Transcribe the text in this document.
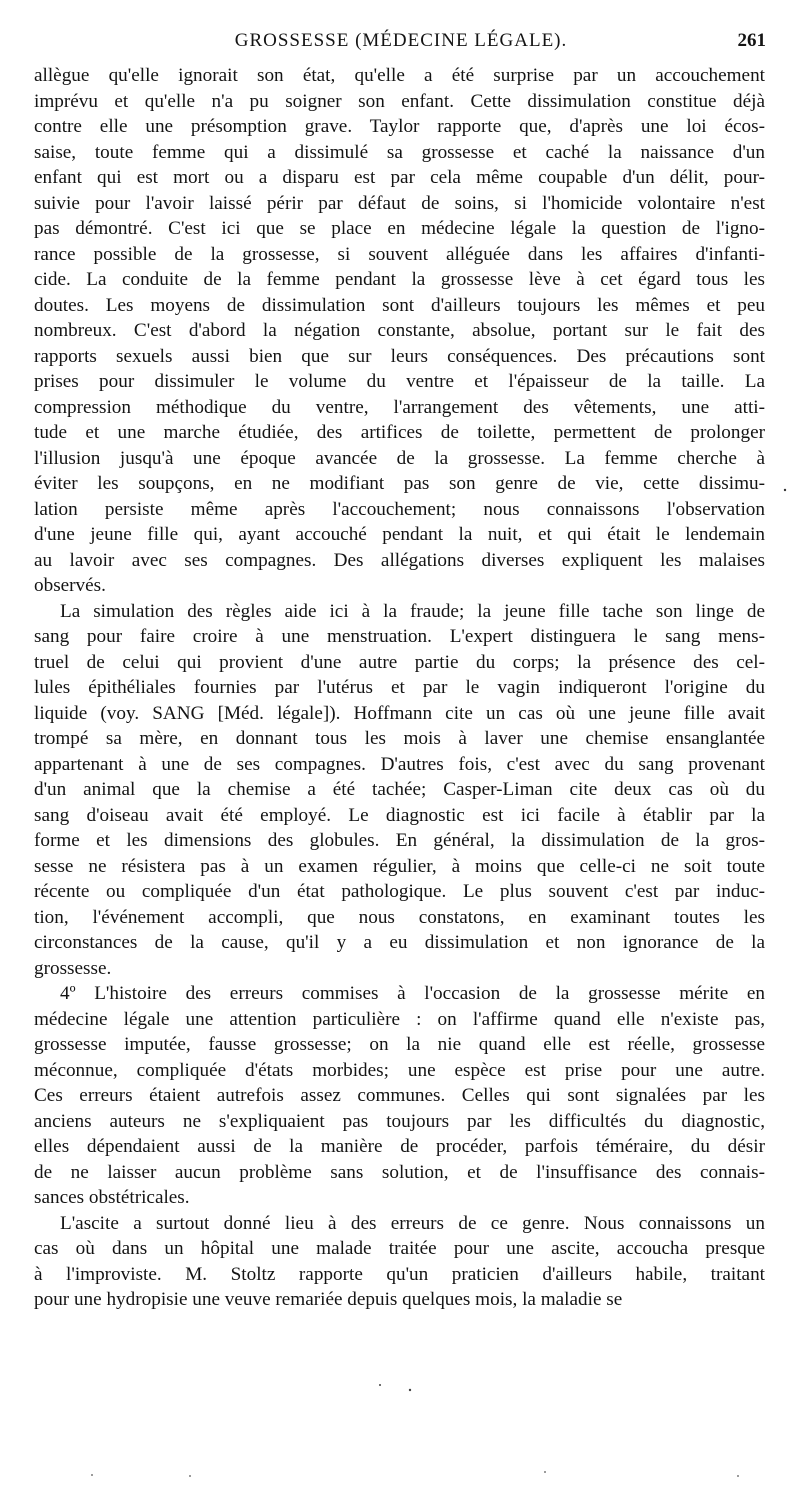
GROSSESSE (MÉDECINE LÉGALE).	261
allègue qu'elle ignorait son état, qu'elle a été surprise par un accouchement
imprévu et qu'elle n'a pu soigner son enfant. Cette dissimulation constitue déjà
contre elle une présomption grave. Taylor rapporte que, d'après une loi écos-
saise, toute femme qui a dissimulé sa grossesse et caché la naissance d'un
enfant qui est mort ou a disparu est par cela même coupable d'un délit, pour-
suivie pour l'avoir laissé périr par défaut de soins, si l'homicide volontaire n'est
pas démontré. C'est ici que se place en médecine légale la question de l'igno-
rance possible de la grossesse, si souvent alléguée dans les affaires d'infanti-
cide. La conduite de la femme pendant la grossesse lève à cet égard tous les
doutes. Les moyens de dissimulation sont d'ailleurs toujours les mêmes et peu
nombreux. C'est d'abord la négation constante, absolue, portant sur le fait des
rapports sexuels aussi bien que sur leurs conséquences. Des précautions sont
prises pour dissimuler le volume du ventre et l'épaisseur de la taille. La
compression méthodique du ventre, l'arrangement des vêtements, une atti-
tude et une marche étudiée, des artifices de toilette, permettent de prolonger
l'illusion jusqu'à une époque avancée de la grossesse. La femme cherche à
éviter les soupçons, en ne modifiant pas son genre de vie, cette dissimu-
lation persiste même après l'accouchement; nous connaissons l'observation
d'une jeune fille qui, ayant accouché pendant la nuit, et qui était le lendemain
au lavoir avec ses compagnes. Des allégations diverses expliquent les malaises
observés.
La simulation des règles aide ici à la fraude; la jeune fille tache son linge de
sang pour faire croire à une menstruation. L'expert distinguera le sang mens-
truel de celui qui provient d'une autre partie du corps; la présence des cel-
lules épithéliales fournies par l'utérus et par le vagin indiqueront l'origine du
liquide (voy. SANG [Méd. légale]). Hoffmann cite un cas où une jeune fille avait
trompé sa mère, en donnant tous les mois à laver une chemise ensanglantée
appartenant à une de ses compagnes. D'autres fois, c'est avec du sang provenant
d'un animal que la chemise a été tachée; Casper-Liman cite deux cas où du
sang d'oiseau avait été employé. Le diagnostic est ici facile à établir par la
forme et les dimensions des globules. En général, la dissimulation de la gros-
sesse ne résistera pas à un examen régulier, à moins que celle-ci ne soit toute
récente ou compliquée d'un état pathologique. Le plus souvent c'est par induc-
tion, l'événement accompli, que nous constatons, en examinant toutes les
circonstances de la cause, qu'il y a eu dissimulation et non ignorance de la
grossesse.
4º L'histoire des erreurs commises à l'occasion de la grossesse mérite en
médecine légale une attention particulière : on l'affirme quand elle n'existe pas,
grossesse imputée, fausse grossesse; on la nie quand elle est réelle, grossesse
méconnue, compliquée d'états morbides; une espèce est prise pour une autre.
Ces erreurs étaient autrefois assez communes. Celles qui sont signalées par les
anciens auteurs ne s'expliquaient pas toujours par les difficultés du diagnostic,
elles dépendaient aussi de la manière de procéder, parfois téméraire, du désir
de ne laisser aucun problème sans solution, et de l'insuffisance des connais-
sances obstétricales.
L'ascite a surtout donné lieu à des erreurs de ce genre. Nous connaissons un
cas où dans un hôpital une malade traitée pour une ascite, accoucha presque
à l'improviste. M. Stoltz rapporte qu'un praticien d'ailleurs habile, traitant
pour une hydropisie une veuve remariée depuis quelques mois, la maladie se
